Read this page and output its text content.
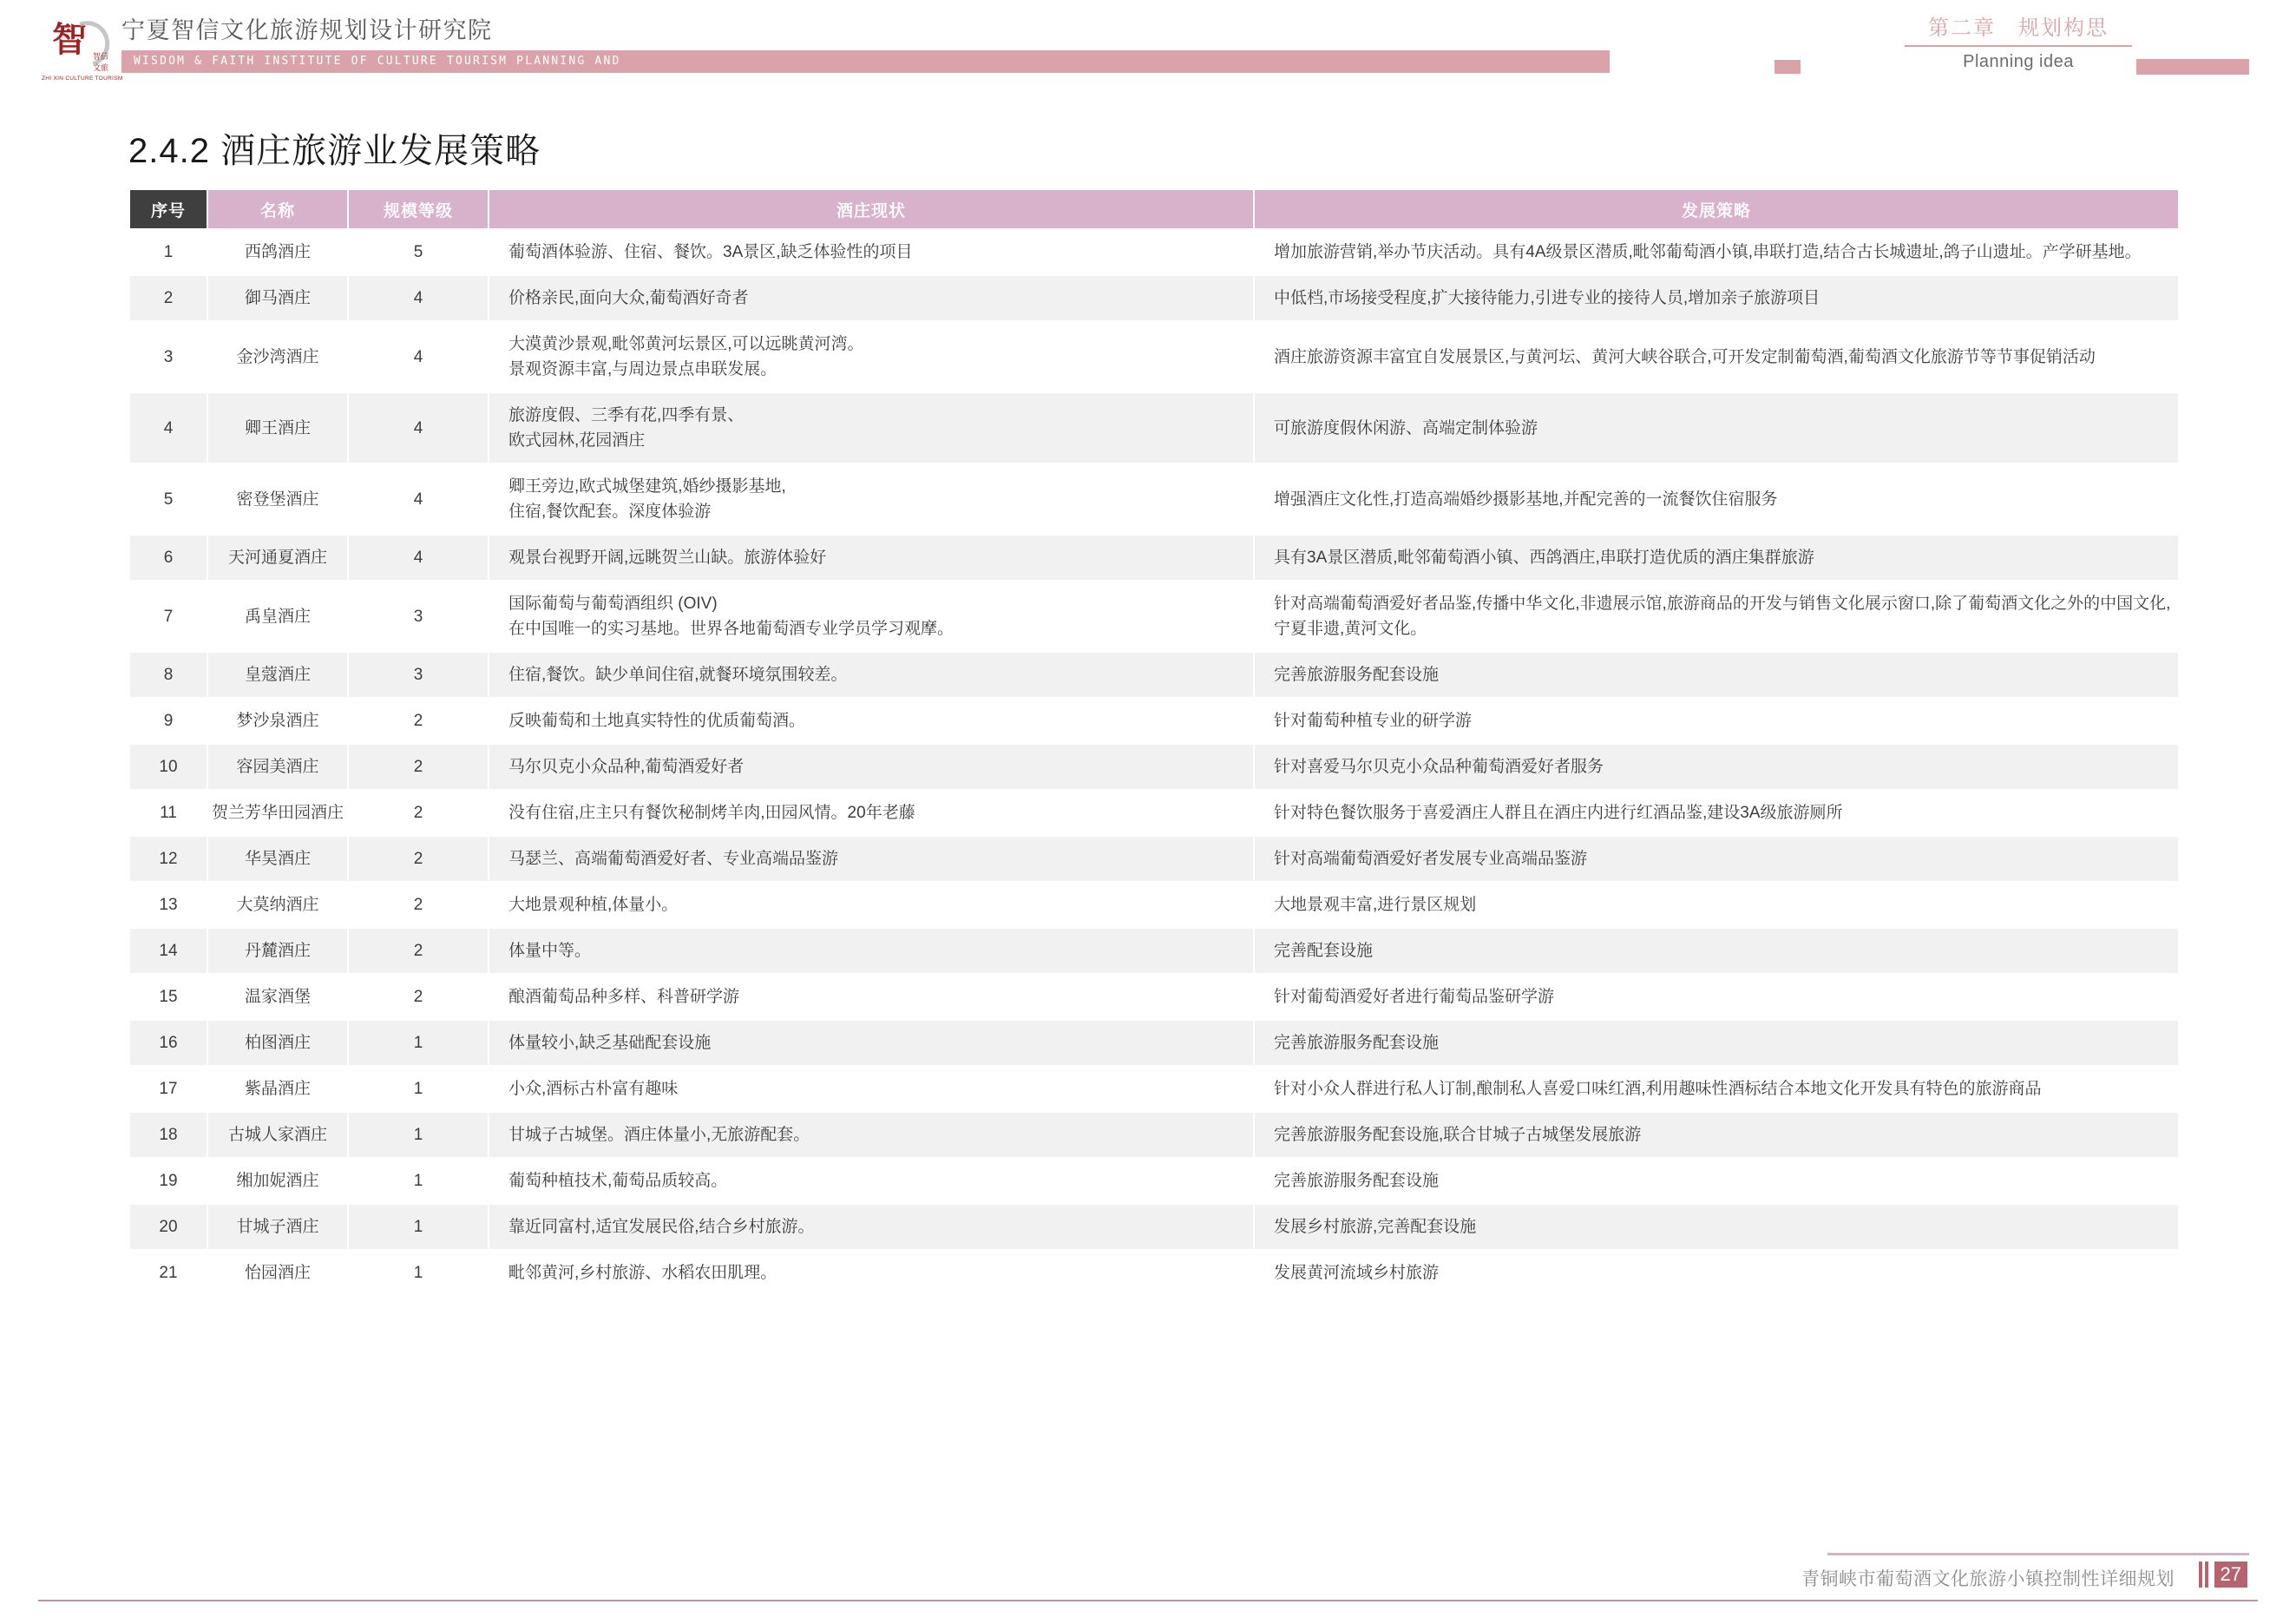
智 智信
文旅
ZHI XIN CULTURE TOURISM
宁夏智信文化旅游规划设计研究院
WISDOM & FAITH INSTITUTE OF CULTURE TOURISM PLANNING AND
第二章　规划构思
Planning idea
2.4.2 酒庄旅游业发展策略
序号	名称	规模等级	酒庄现状	发展策略

1	西鸽酒庄	5	葡萄酒体验游、住宿、餐饮。3A景区,缺乏体验性的项目	增加旅游营销,举办节庆活动。具有4A级景区潜质,毗邻葡萄酒小镇,串联打造,结合古长城遗址,鸽子山遗址。产学研基地。

2	御马酒庄	4	价格亲民,面向大众,葡萄酒好奇者	中低档,市场接受程度,扩大接待能力,引进专业的接待人员,增加亲子旅游项目

3	金沙湾酒庄	4	大漠黄沙景观,毗邻黄河坛景区,可以远眺黄河湾。
景观资源丰富,与周边景点串联发展。	酒庄旅游资源丰富宜自发展景区,与黄河坛、黄河大峡谷联合,可开发定制葡萄酒,葡萄酒文化旅游节等节事促销活动

4	卿王酒庄	4	旅游度假、三季有花,四季有景、
欧式园林,花园酒庄	可旅游度假休闲游、高端定制体验游

5	密登堡酒庄	4	卿王旁边,欧式城堡建筑,婚纱摄影基地,
住宿,餐饮配套。深度体验游	增强酒庄文化性,打造高端婚纱摄影基地,并配完善的一流餐饮住宿服务

6	天河通夏酒庄	4	观景台视野开阔,远眺贺兰山缺。旅游体验好	具有3A景区潜质,毗邻葡萄酒小镇、西鸽酒庄,串联打造优质的酒庄集群旅游

7	禹皇酒庄	3	国际葡萄与葡萄酒组织 (OIV)
在中国唯一的实习基地。世界各地葡萄酒专业学员学习观摩。	针对高端葡萄酒爱好者品鉴,传播中华文化,非遗展示馆,旅游商品的开发与销售文化展示窗口,除了葡萄酒文化之外的中国文化,宁夏非遗,黄河文化。

8	皇蔻酒庄	3	住宿,餐饮。缺少单间住宿,就餐环境氛围较差。	完善旅游服务配套设施

9	梦沙泉酒庄	2	反映葡萄和土地真实特性的优质葡萄酒。	针对葡萄种植专业的研学游

10	容园美酒庄	2	马尔贝克小众品种,葡萄酒爱好者	针对喜爱马尔贝克小众品种葡萄酒爱好者服务

11	贺兰芳华田园酒庄	2	没有住宿,庄主只有餐饮秘制烤羊肉,田园风情。20年老藤	针对特色餐饮服务于喜爱酒庄人群且在酒庄内进行红酒品鉴,建设3A级旅游厕所

12	华昊酒庄	2	马瑟兰、高端葡萄酒爱好者、专业高端品鉴游	针对高端葡萄酒爱好者发展专业高端品鉴游

13	大莫纳酒庄	2	大地景观种植,体量小。	大地景观丰富,进行景区规划

14	丹麓酒庄	2	体量中等。	完善配套设施

15	温家酒堡	2	酿酒葡萄品种多样、科普研学游	针对葡萄酒爱好者进行葡萄品鉴研学游

16	柏图酒庄	1	体量较小,缺乏基础配套设施	完善旅游服务配套设施

17	紫晶酒庄	1	小众,酒标古朴富有趣味	针对小众人群进行私人订制,酿制私人喜爱口味红酒,利用趣味性酒标结合本地文化开发具有特色的旅游商品

18	古城人家酒庄	1	甘城子古城堡。酒庄体量小,无旅游配套。	完善旅游服务配套设施,联合甘城子古城堡发展旅游

19	缃加妮酒庄	1	葡萄种植技术,葡萄品质较高。	完善旅游服务配套设施

20	甘城子酒庄	1	靠近同富村,适宜发展民俗,结合乡村旅游。	发展乡村旅游,完善配套设施

21	怡园酒庄	1	毗邻黄河,乡村旅游、水稻农田肌理。	发展黄河流域乡村旅游
青铜峡市葡萄酒文化旅游小镇控制性详细规划	27
